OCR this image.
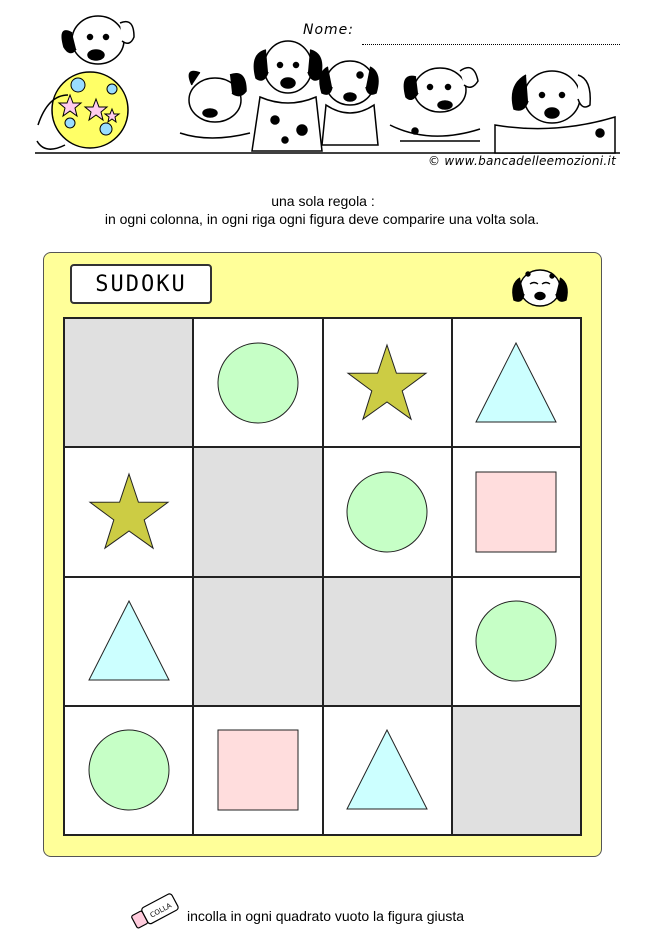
Nome:
© www.bancadelleemozioni.it
una sola regola :
in ogni colonna, in ogni riga ogni figura deve comparire una volta sola.
SUDOKU
COLLA incolla in ogni quadrato vuoto la figura giusta
